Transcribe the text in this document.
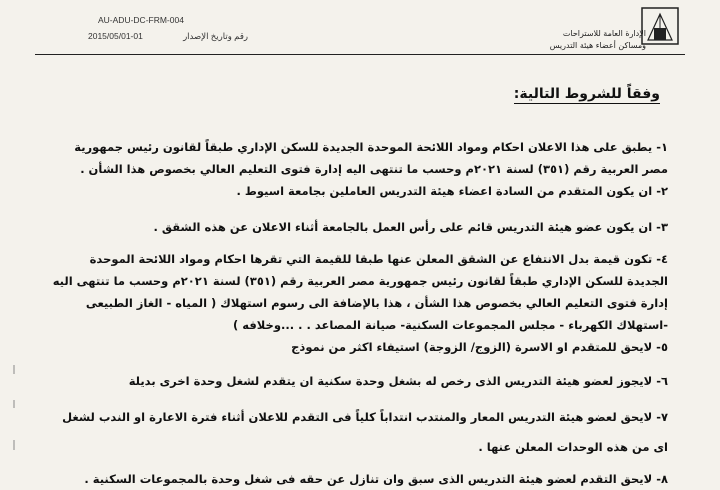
AU-ADU-DC-FRM-004
2015/05/01-01	رقم وتاريخ الإصدار	الإدارة العامة للاستراحات
ومساكن أعضاء هيئة التدريس
وفقاً للشروط التالية:
١- يطبق على هذا الاعلان احكام ومواد اللائحة الموحدة الجديدة للسكن الإداري طبقاً لقانون رئيس جمهورية مصر العربية رقم (٣٥١) لسنة ٢٠٢١م وحسب ما تنتهى اليه إدارة فتوى التعليم العالي بخصوص هذا الشأن .
٢- ان يكون المتقدم من السادة اعضاء هيئة التدريس العاملين بجامعة اسيوط .
٣- ان يكون عضو هيئة التدريس قائم على رأس العمل بالجامعة أثناء الاعلان عن هذه الشقق .
٤- تكون قيمة بدل الانتفاع عن الشقق المعلن عنها طبقا للقيمة التي تقرها احكام ومواد اللائحة الموحدة الجديدة للسكن الإداري طبقاً لقانون رئيس جمهورية مصر العربية رقم (٣٥١) لسنة ٢٠٢١م وحسب ما تنتهى اليه إدارة فتوى التعليم العالي بخصوص هذا الشأن ، هذا بالإضافة الى رسوم استهلاك ( المياه - الغاز الطبيعى -استهلاك الكهرباء - مجلس المجموعات السكنية- صيانة المصاعد . . ...وخلافه )
٥- لايحق للمتقدم او الاسرة (الزوج/ الزوجة) استيفاء اكثر من نموذج
٦- لايجوز لعضو هيئة التدريس الذى رخص له بشغل وحدة سكنية ان يتقدم لشغل وحدة اخرى بديلة
٧- لايحق لعضو هيئة التدريس المعار والمنتدب انتداباً كلياً فى التقدم للاعلان أثناء فترة الاعارة او الندب لشغل اى من هذه الوحدات المعلن عنها .
٨- لايحق التقدم لعضو هيئة التدريس الذى سبق وان تنازل عن حقه فى شغل وحدة بالمجموعات السكنية .
